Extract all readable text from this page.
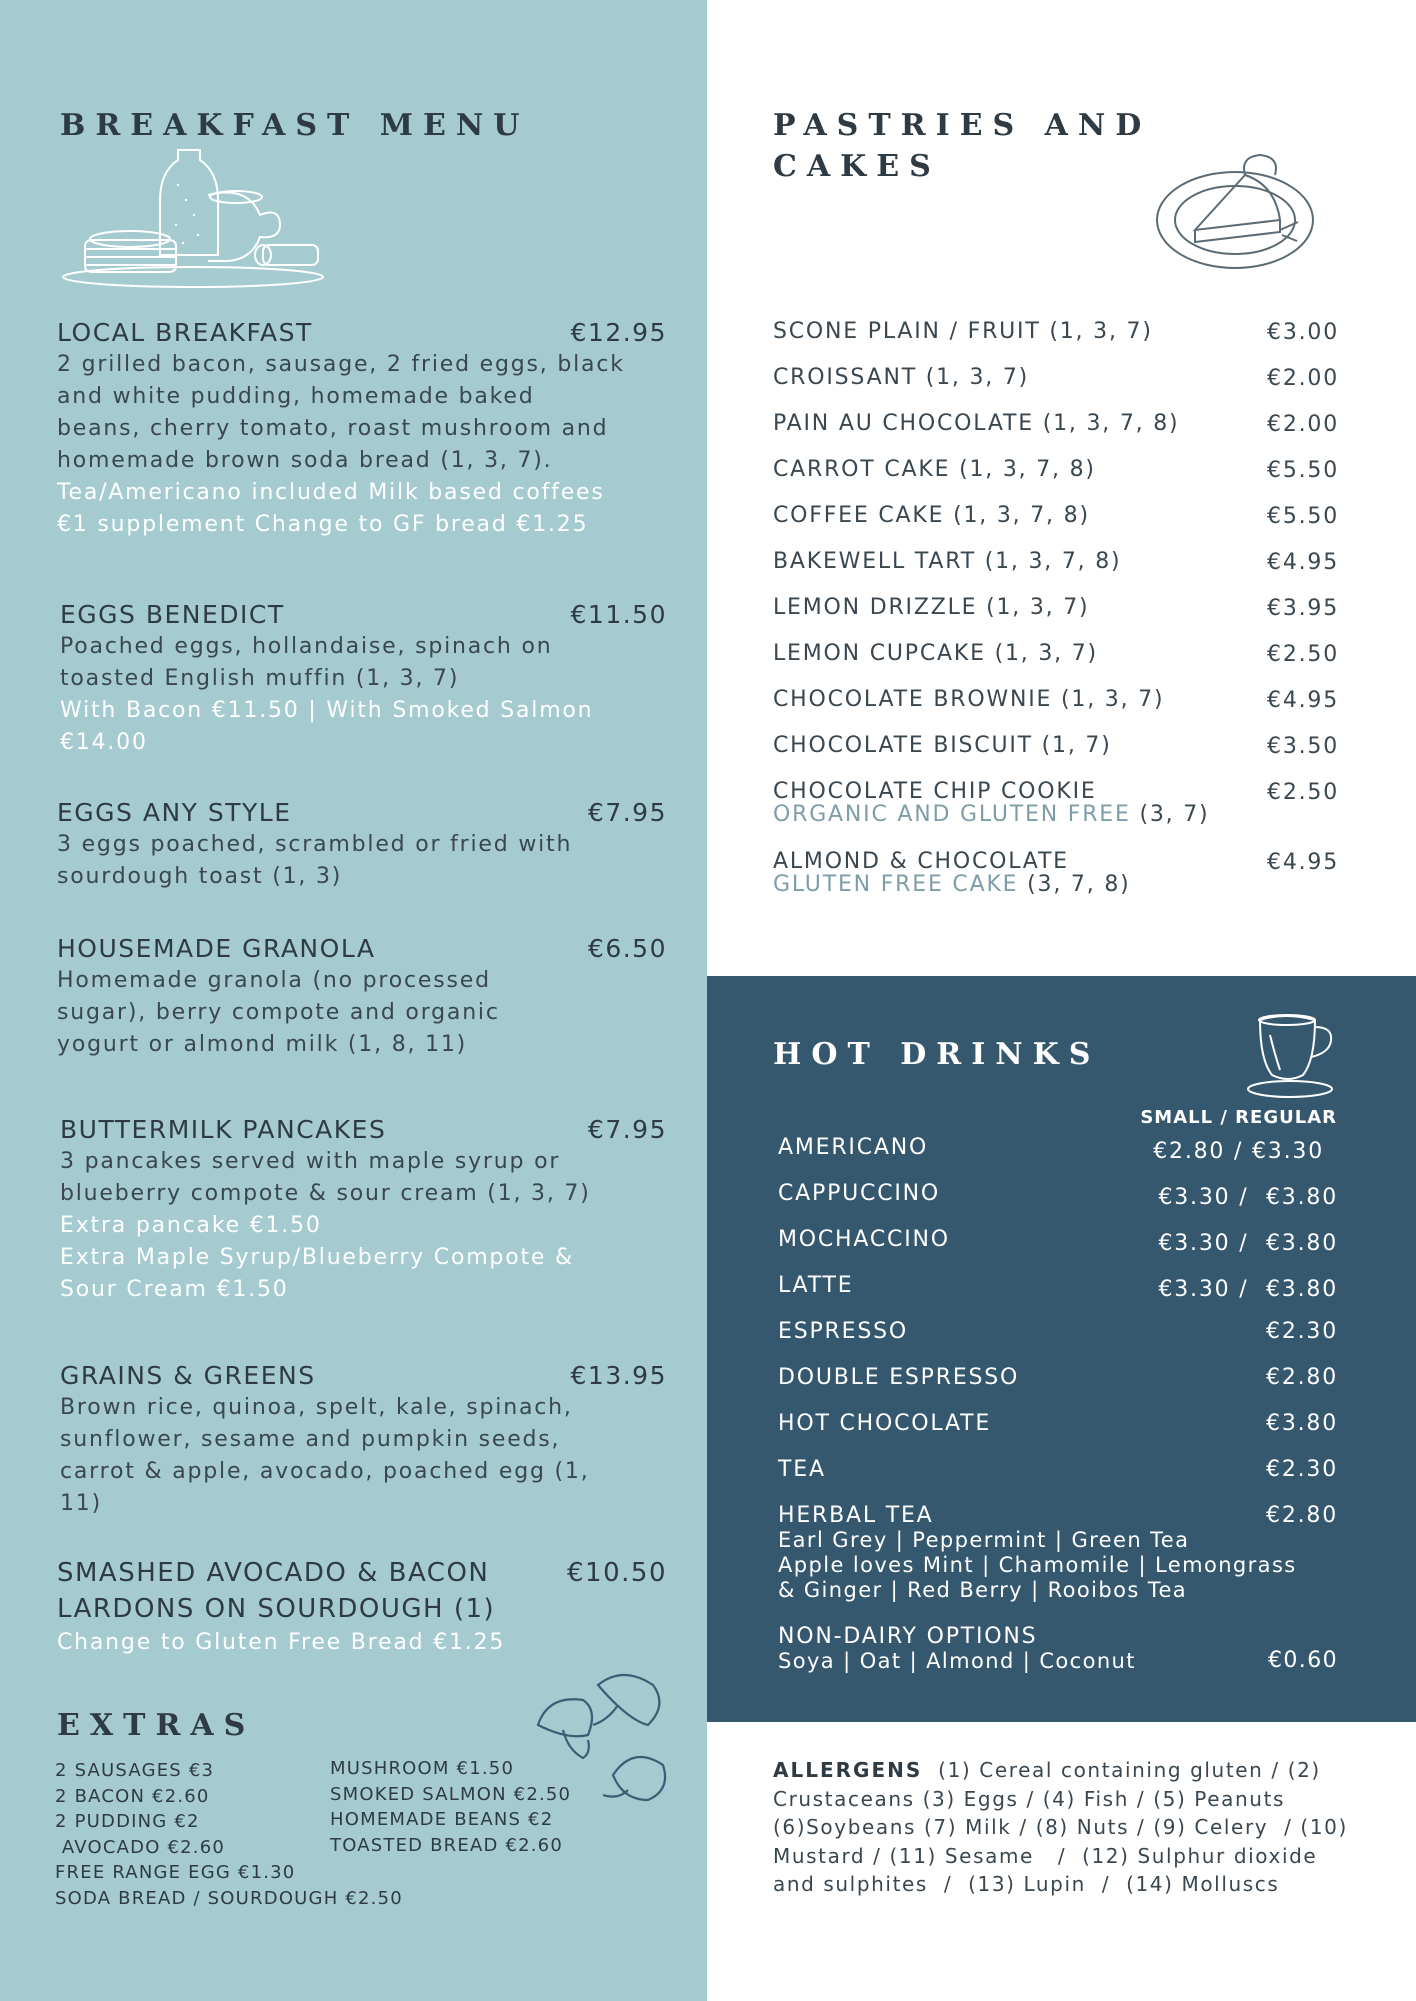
BREAKFAST MENU
LOCAL BREAKFAST	€12.95
2 grilled bacon, sausage, 2 fried eggs, black and white pudding, homemade baked beans, cherry tomato, roast mushroom and homemade brown soda bread (1, 3, 7). Tea/Americano included Milk based coffees €1 supplement Change to GF bread €1.25
EGGS BENEDICT	€11.50
Poached eggs, hollandaise, spinach on toasted English muffin (1, 3, 7)
With Bacon €11.50 | With Smoked Salmon €14.00
EGGS ANY STYLE	€7.95
3 eggs poached, scrambled or fried with sourdough toast (1, 3)
HOUSEMADE GRANOLA	€6.50
Homemade granola (no processed sugar), berry compote and organic yogurt or almond milk (1, 8, 11)
BUTTERMILK PANCAKES	€7.95
3 pancakes served with maple syrup or blueberry compote & sour cream (1, 3, 7)
Extra pancake €1.50
Extra Maple Syrup/Blueberry Compote & Sour Cream €1.50
GRAINS & GREENS	€13.95
Brown rice, quinoa, spelt, kale, spinach, sunflower, sesame and pumpkin seeds, carrot & apple, avocado, poached egg (1, 11)
SMASHED AVOCADO & BACON LARDONS ON SOURDOUGH (1)
€10.50
Change to Gluten Free Bread €1.25
EXTRAS
2 SAUSAGES €3
2 BACON €2.60
2 PUDDING €2
AVOCADO €2.60
FREE RANGE EGG €1.30
SODA BREAD / SOURDOUGH €2.50
MUSHROOM €1.50
SMOKED SALMON €2.50
HOMEMADE BEANS €2
TOASTED BREAD €2.60
PASTRIES AND
CAKES
SCONE PLAIN / FRUIT (1, 3, 7)	€3.00
CROISSANT (1, 3, 7)	€2.00
PAIN AU CHOCOLATE (1, 3, 7, 8)	€2.00
CARROT CAKE (1, 3, 7, 8)	€5.50
COFFEE CAKE (1, 3, 7, 8)	€5.50
BAKEWELL TART (1, 3, 7, 8)	€4.95
LEMON DRIZZLE (1, 3, 7)	€3.95
LEMON CUPCAKE (1, 3, 7)	€2.50
CHOCOLATE BROWNIE (1, 3, 7)	€4.95
CHOCOLATE BISCUIT (1, 7)	€3.50
CHOCOLATE CHIP COOKIE
ORGANIC AND GLUTEN FREE (3, 7)
€2.50
ALMOND & CHOCOLATE
GLUTEN FREE CAKE (3, 7, 8)
€4.95
HOT DRINKS
SMALL / REGULAR
AMERICANO	€2.80 / €3.30
CAPPUCCINO	€3.30 /  €3.80
MOCHACCINO	€3.30 /  €3.80
LATTE	€3.30 /  €3.80
ESPRESSO	€2.30
DOUBLE ESPRESSO	€2.80
HOT CHOCOLATE	€3.80
TEA	€2.30
HERBAL TEA	€2.80
Earl Grey | Peppermint | Green Tea
Apple loves Mint | Chamomile | Lemongrass
& Ginger | Red Berry | Rooibos Tea
NON-DAIRY OPTIONS
Soya | Oat | Almond | Coconut	€0.60
ALLERGENS  (1) Cereal containing gluten / (2) Crustaceans (3) Eggs / (4) Fish / (5) Peanuts (6)Soybeans (7) Milk / (8) Nuts / (9) Celery  / (10) Mustard / (11) Sesame   /  (12) Sulphur dioxide and sulphites  /  (13) Lupin  /  (14) Molluscs
